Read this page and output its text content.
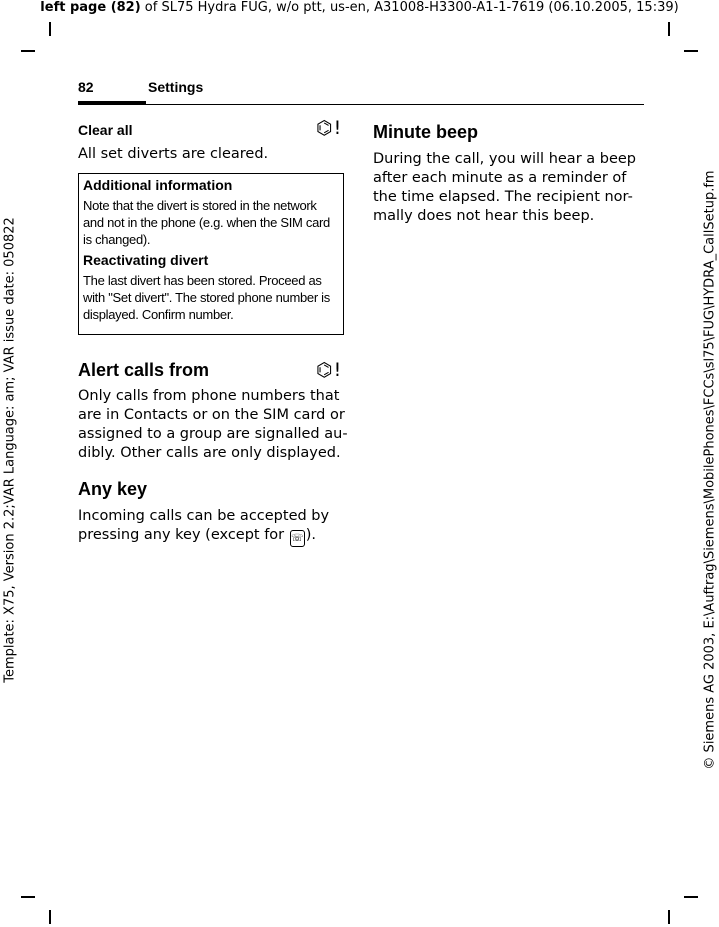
left page (82) of SL75 Hydra FUG, w/o ptt, us-en, A31008-H3300-A1-1-7619 (06.10.2005, 15:39)
Template: X75, Version 2.2;VAR Language: am; VAR issue date: 050822	© Siemens AG 2003, E:\Auftrag\Siemens\MobilePhones\FCCs\sl75\FUG\HYDRA_CallSetup.fm
82	Settings
Clear all	⌬!
All set diverts are cleared.
Additional information
Note that the divert is stored in the network and not in the phone (e.g. when the SIM card is changed).
Reactivating divert
The last divert has been stored. Proceed as with "Set divert". The stored phone number is displayed. Confirm number.
Alert calls from	⌬!
Only calls from phone numbers that are in Contacts or on the SIM card or assigned to a group are signalled au-dibly. Other calls are only displayed.
Any key
Incoming calls can be accepted by pressing any key (except for ☏ ).
Minute beep
During the call, you will hear a beep after each minute as a reminder of the time elapsed. The recipient nor-mally does not hear this beep.
